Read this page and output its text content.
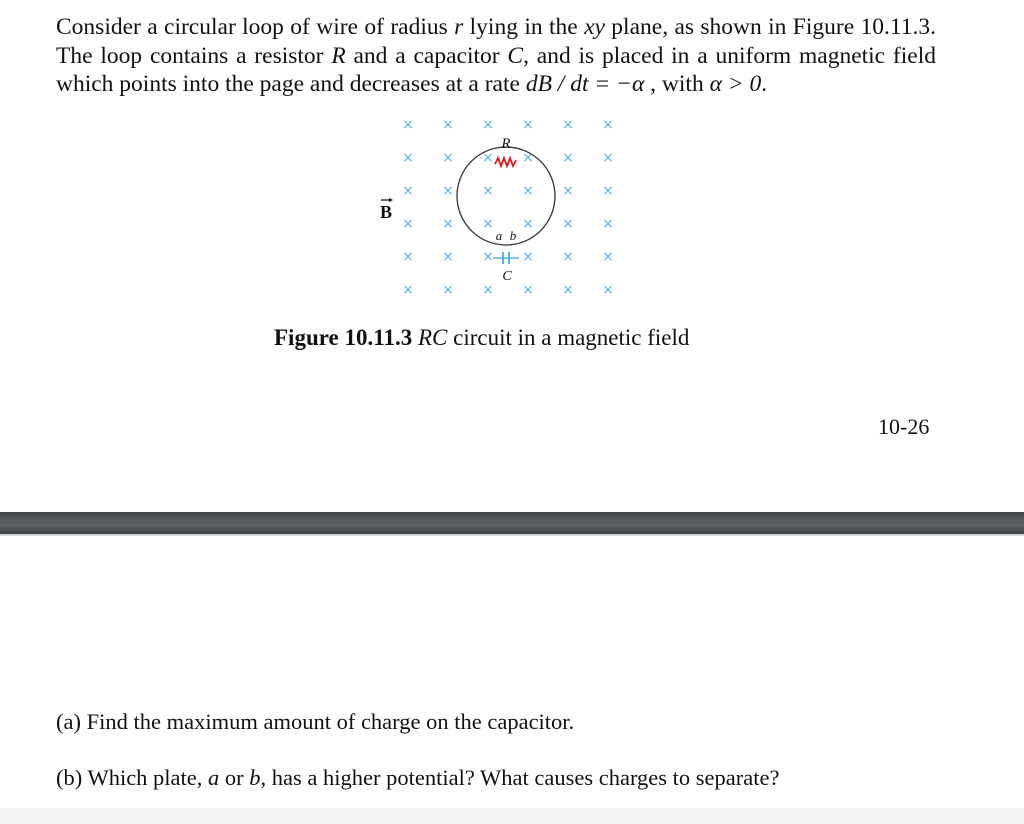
Consider a circular loop of wire of radius r lying in the xy plane, as shown in Figure 10.11.3. The loop contains a resistor R and a capacitor C, and is placed in a uniform magnetic field which points into the page and decreases at a rate dB / dt = −α , with α > 0.

× × × × × ×
× × × × × ×
× × × × × ×
× × × × × ×
× × × × × ×
× × × × × ×
B
R
a b
C
Figure 10.11.3 RC circuit in a magnetic field
10-26
(a) Find the maximum amount of charge on the capacitor.
(b) Which plate, a or b, has a higher potential? What causes charges to separate?
